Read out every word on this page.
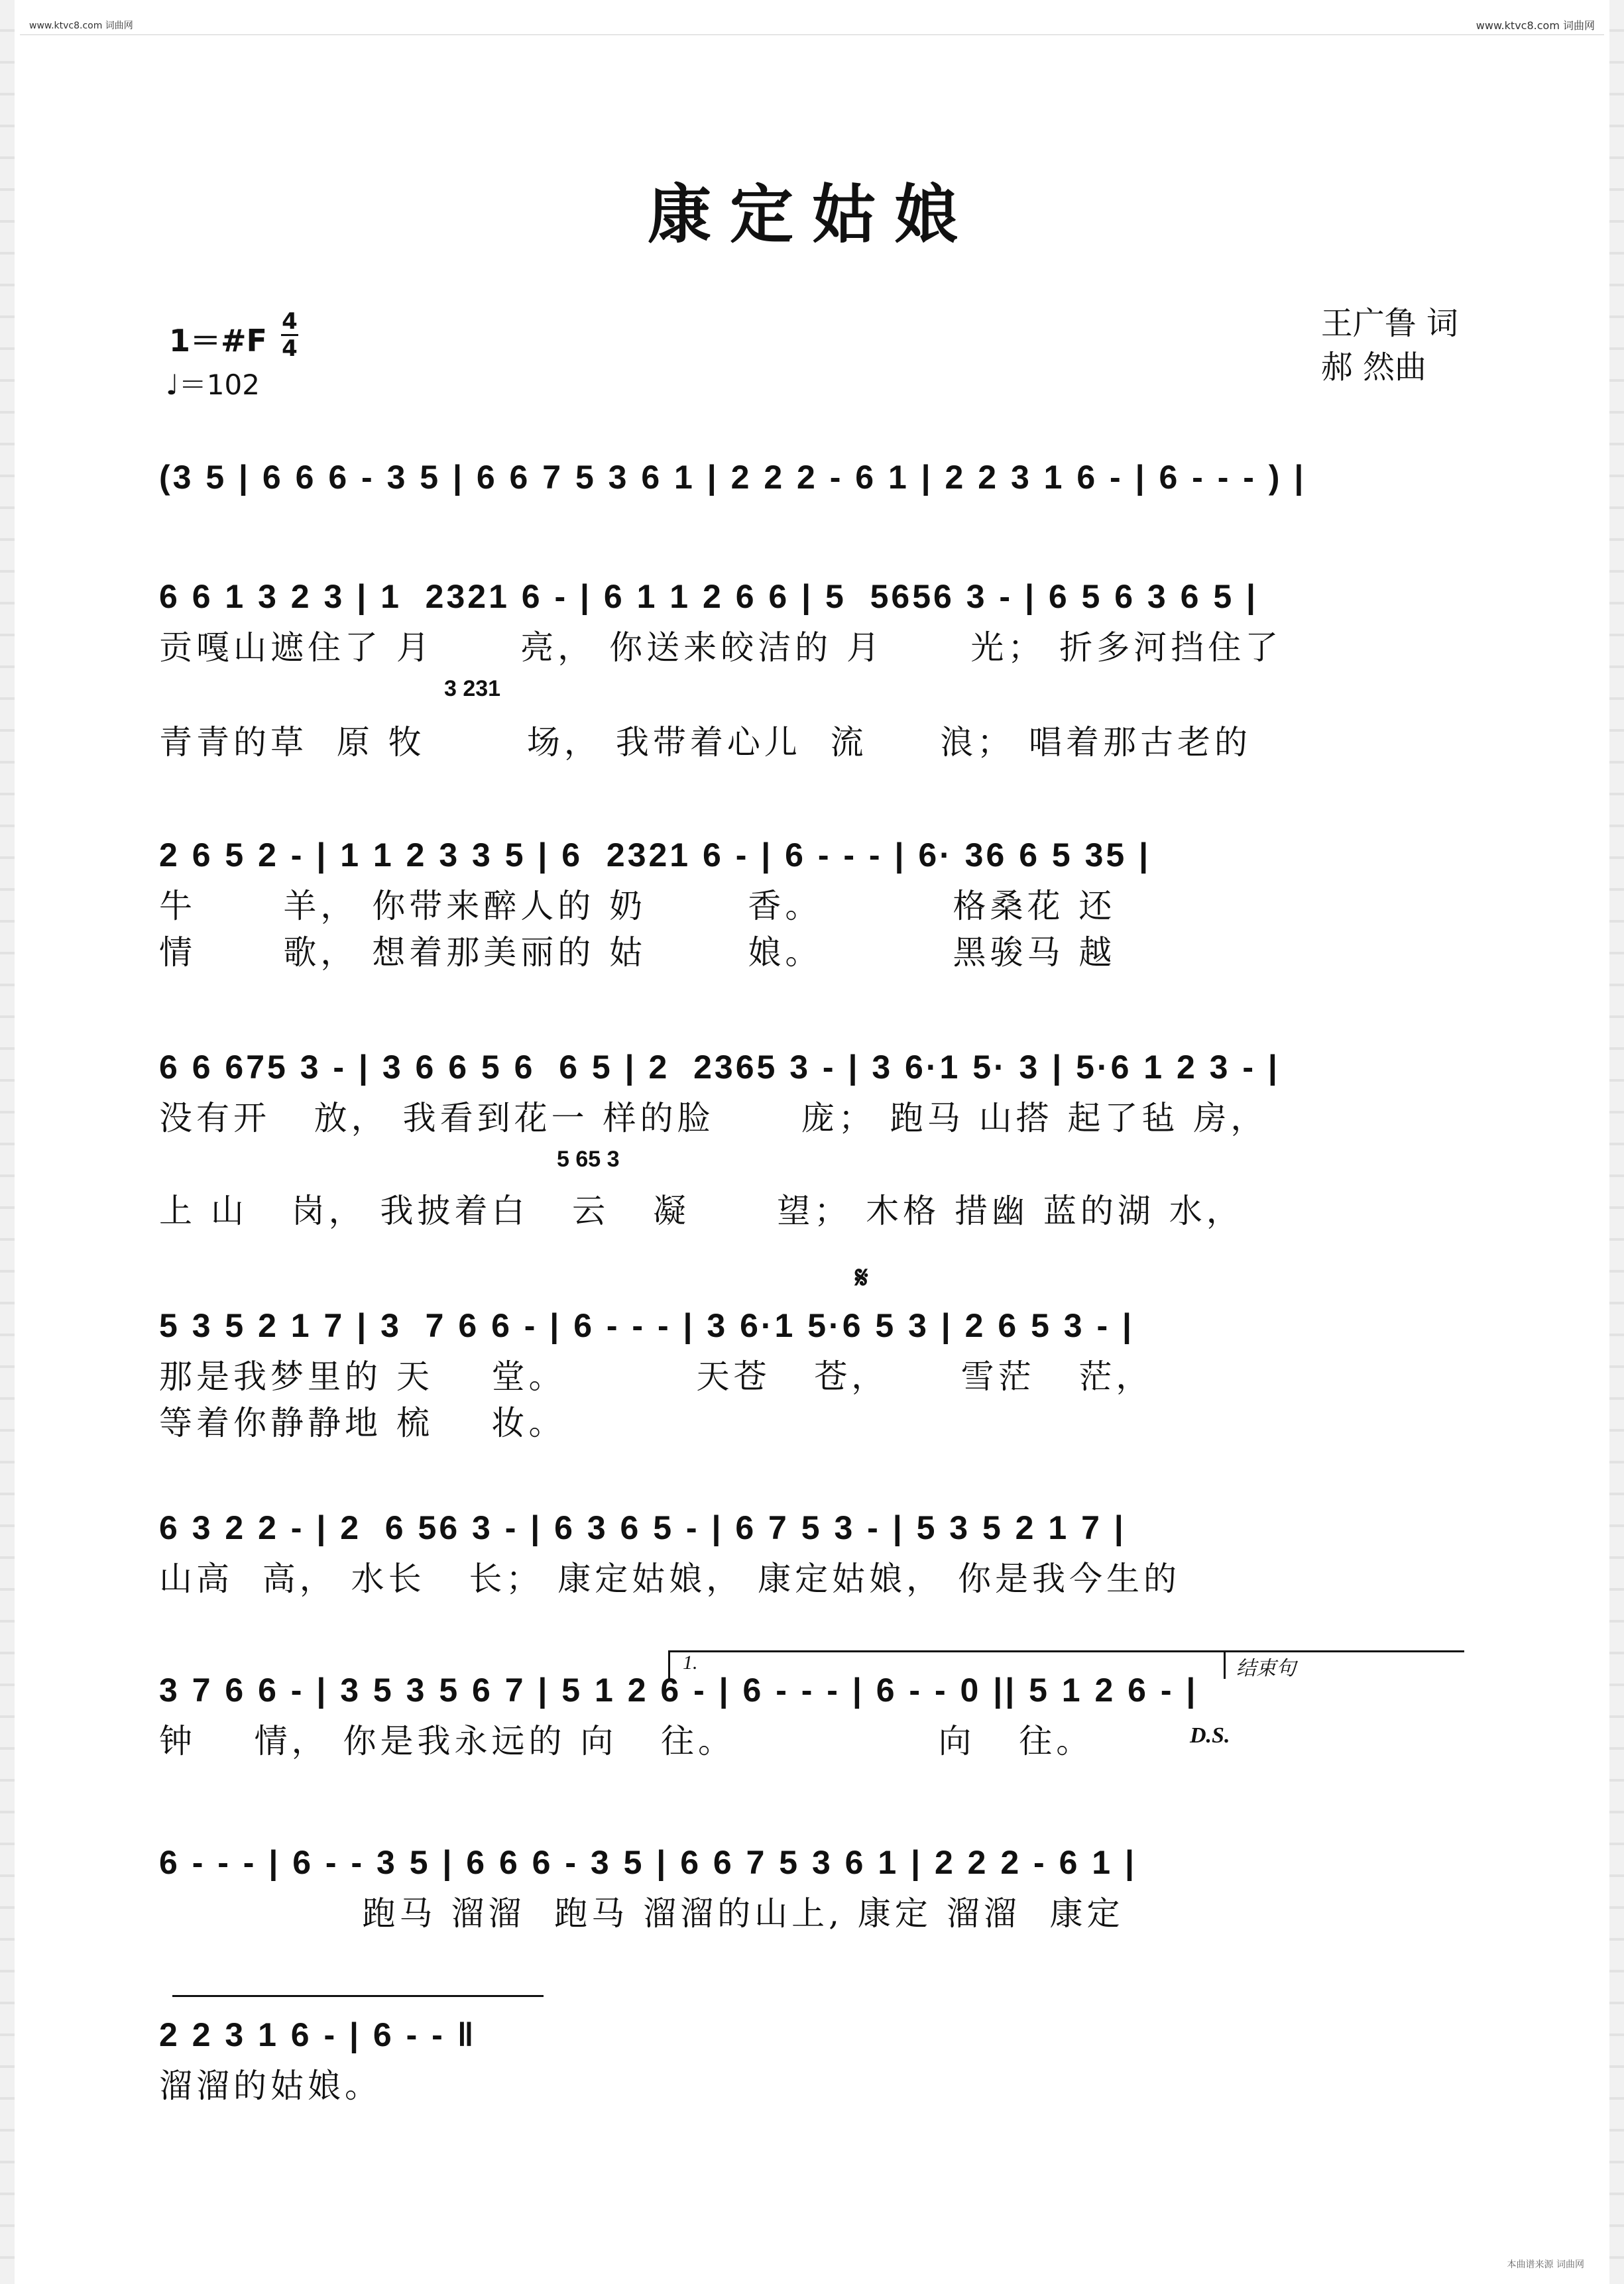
www.ktvc8.com 词曲网	www.ktvc8.com 词曲网
康定姑娘
1＝#F
4
4
♩＝102
王广鲁 词
郝 然曲
(3 5 | 6 6 6 - 3 5 | 6 6 7 5 3 6 1 | 2 2 2 - 6 1 | 2 2 3 1 6 - | 6 - - - ) |
6 6 1 3 2 3 | 1  2321 6 - | 6 1 1 2 6 6 | 5  5656 3 - | 6 5 6 3 6 5 |
贡嘎山遮住了 月      亮， 你送来皎洁的 月      光； 折多河挡住了
3 231
青青的草  原 牧       场， 我带着心儿  流     浪； 唱着那古老的
2 6 5 2 - | 1 1 2 3 3 5 | 6  2321 6 - | 6 - - - | 6· 36 6 5 35 |
牛      羊， 你带来醉人的 奶       香。         格桑花 还
情      歌， 想着那美丽的 姑       娘。         黑骏马 越
6 6 675 3 - | 3 6 6 5 6  6 5 | 2  2365 3 - | 3 6·1 5· 3 | 5·6 1 2 3 - |
没有开   放， 我看到花一 样的脸      庞； 跑马 山搭 起了毡 房，
5 65 3
上 山   岗， 我披着白   云   凝      望； 木格 措幽 蓝的湖 水，
𝄋
5 3 5 2 1 7 | 3  7 6 6 - | 6 - - - | 3 6·1 5·6 5 3 | 2 6 5 3 - |
那是我梦里的 天    堂。         天苍   苍，     雪茫   茫，
等着你静静地 梳    妆。
6 3 2 2 - | 2  6 56 3 - | 6 3 6 5 - | 6 7 5 3 - | 5 3 5 2 1 7 |
山高  高， 水长   长； 康定姑娘， 康定姑娘， 你是我今生的
1.	结束句
3 7 6 6 - | 3 5 3 5 6 7 | 5 1 2 6 - | 6 - - - | 6 - - 0 || 5 1 2 6 - |
D.S.
钟    情， 你是我永远的 向   往。              向   往。
6 - - - | 6 - - 3 5 | 6 6 6 - 3 5 | 6 6 7 5 3 6 1 | 2 2 2 - 6 1 |
跑马 溜溜  跑马 溜溜的山上, 康定 溜溜  康定
2 2 3 1 6 - | 6 - - ‖
溜溜的姑娘。
本曲谱来源 词曲网
